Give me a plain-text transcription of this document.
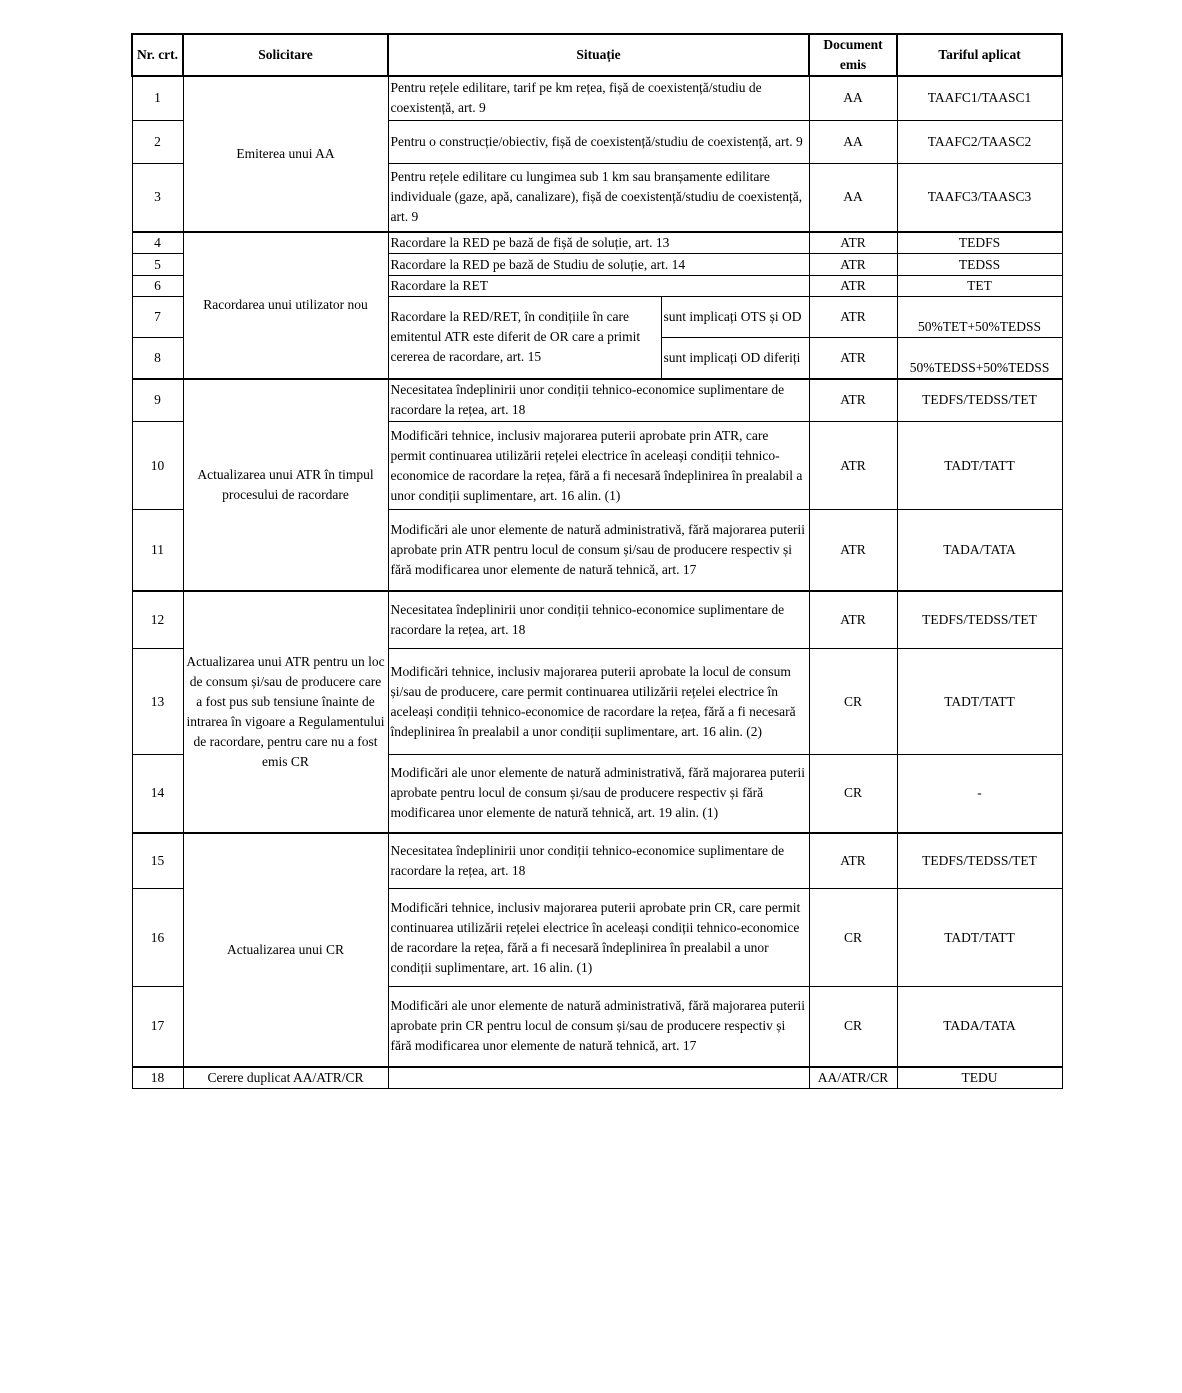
Nr. crt.	Solicitare	Situație		Document emis	Tariful aplicat
1	Emiterea unui AA	Pentru rețele edilitare, tarif pe km rețea, fișă de coexistență/studiu de coexistență, art. 9		AA	TAAFC1/TAASC1
2		Pentru o construcție/obiectiv, fișă de coexistență/studiu de coexistență, art. 9		AA	TAAFC2/TAASC2
3		Pentru rețele edilitare cu lungimea sub 1 km sau branșamente edilitare individuale (gaze, apă, canalizare), fișă de coexistență/studiu de coexistență, art. 9		AA	TAAFC3/TAASC3
4	Racordarea unui utilizator nou	Racordare la RED pe bază de fișă de soluție, art. 13		ATR	TEDFS
5		Racordare la RED pe bază de Studiu de soluție, art. 14		ATR	TEDSS
6		Racordare la RET		ATR	TET
7		Racordare la RED/RET, în condițiile în care emitentul ATR este diferit de OR care a primit cererea de racordare, art. 15	sunt implicați OTS și OD	ATR	50%TET+50%TEDSS
8			sunt implicați OD diferiți	ATR	50%TEDSS+50%TEDSS
9	Actualizarea unui ATR în timpul procesului de racordare	Necesitatea îndeplinirii unor condiții tehnico-economice suplimentare de racordare la rețea, art. 18		ATR	TEDFS/TEDSS/TET
10		Modificări tehnice, inclusiv majorarea puterii aprobate prin ATR, care permit continuarea utilizării rețelei electrice în aceleași condiții tehnico-economice de racordare la rețea, fără a fi necesară îndeplinirea în prealabil a unor condiții suplimentare, art. 16 alin. (1)		ATR	TADT/TATT
11		Modificări ale unor elemente de natură administrativă, fără majorarea puterii aprobate prin ATR pentru locul de consum și/sau de producere respectiv și fără modificarea unor elemente de natură tehnică, art. 17		ATR	TADA/TATA
12	Actualizarea unui ATR pentru un loc de consum și/sau de producere care a fost pus sub tensiune înainte de intrarea în vigoare a Regulamentului de racordare, pentru care nu a fost emis CR	Necesitatea îndeplinirii unor condiții tehnico-economice suplimentare de racordare la rețea, art. 18		ATR	TEDFS/TEDSS/TET
13		Modificări tehnice, inclusiv majorarea puterii aprobate la locul de consum și/sau de producere, care permit continuarea utilizării rețelei electrice în aceleași condiții tehnico-economice de racordare la rețea, fără a fi necesară îndeplinirea în prealabil a unor condiții suplimentare, art. 16 alin. (2)		CR	TADT/TATT
14		Modificări ale unor elemente de natură administrativă, fără majorarea puterii aprobate pentru locul de consum și/sau de producere respectiv și fără modificarea unor elemente de natură tehnică, art. 19 alin. (1)		CR	-
15	Actualizarea unui CR	Necesitatea îndeplinirii unor condiții tehnico-economice suplimentare de racordare la rețea, art. 18		ATR	TEDFS/TEDSS/TET
16		Modificări tehnice, inclusiv majorarea puterii aprobate prin CR, care permit continuarea utilizării rețelei electrice în aceleași condiții tehnico-economice de racordare la rețea, fără a fi necesară îndeplinirea în prealabil a unor condiții suplimentare, art. 16 alin. (1)		CR	TADT/TATT
17		Modificări ale unor elemente de natură administrativă, fără majorarea puterii aprobate prin CR pentru locul de consum și/sau de producere respectiv și fără modificarea unor elemente de natură tehnică, art. 17		CR	TADA/TATA
18	Cerere duplicat AA/ATR/CR			AA/ATR/CR	TEDU
